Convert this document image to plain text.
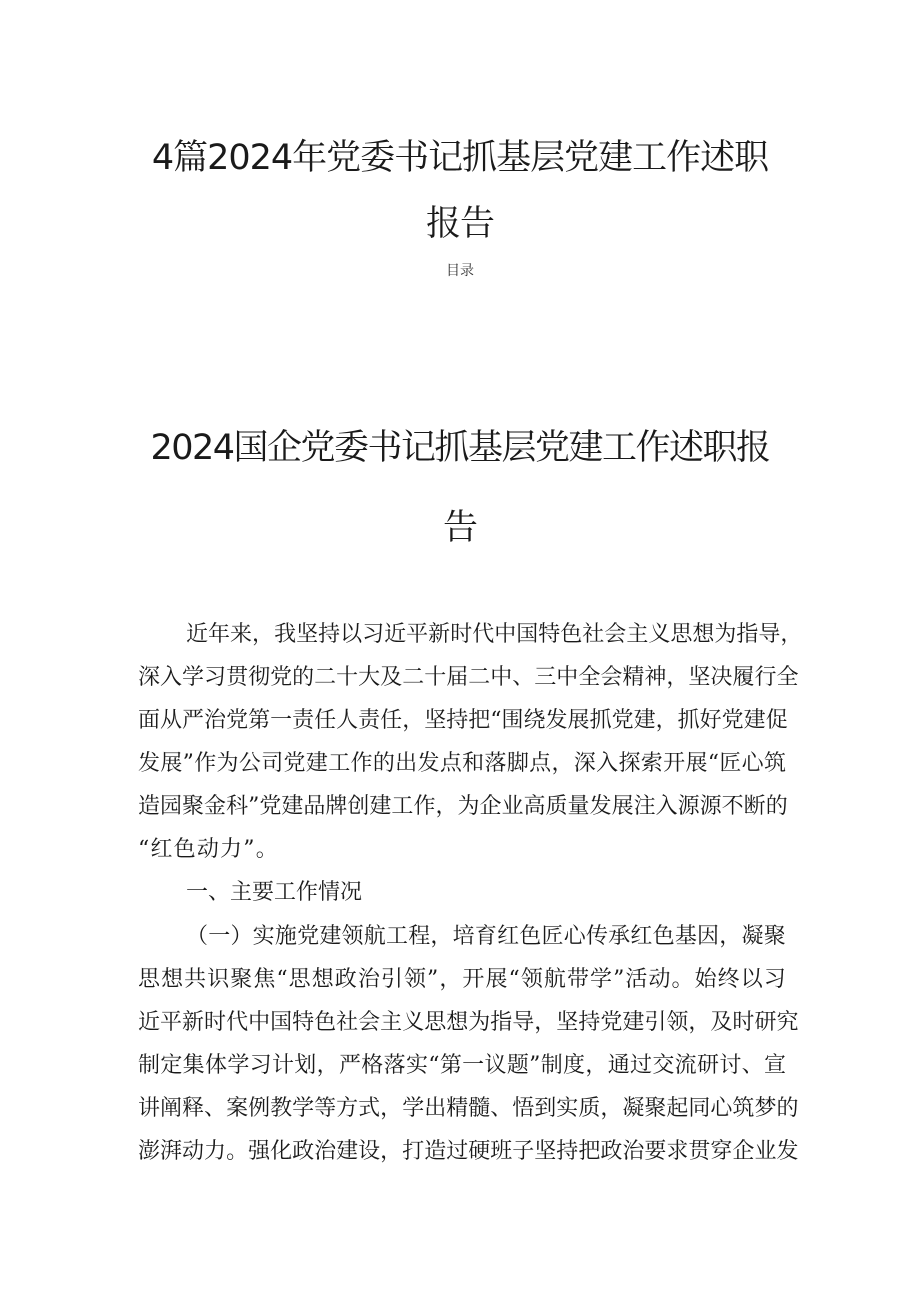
4篇2024年党委书记抓基层党建工作述职
报告
目录
2024国企党委书记抓基层党建工作述职报
告
近 年 来 ， 我 坚 持 以 习 近 平 新 时 代 中 国 特 色 社 会 主 义 思 想 为 指 导 ，
深 入 学 习 贯 彻 党 的 二 十 大 及 二 十 届 二 中 、 三 中 全 会 精 神 ， 坚 决 履 行 全
面 从 严 治 党 第 一 责 任 人 责 任 ， 坚 持 把 “ 围 绕 发 展 抓 党 建 ， 抓 好 党 建 促
发 展 ” 作 为 公 司 党 建 工 作 的 出 发 点 和 落 脚 点 ， 深 入 探 索 开 展 “ 匠 心 筑
造 园 聚 金 科 ” 党 建 品 牌 创 建 工 作 ， 为 企 业 高 质 量 发 展 注 入 源 源 不 断 的
“红色动力”。
一、主要工作情况
（ 一 ） 实 施 党 建 领 航 工 程 ， 培 育 红 色 匠 心 传 承 红 色 基 因 ， 凝 聚
思 想 共 识 聚 焦 “ 思 想 政 治 引 领 ” ， 开 展 “ 领 航 带 学 ” 活 动 。 始 终 以 习
近 平 新 时 代 中 国 特 色 社 会 主 义 思 想 为 指 导 ， 坚 持 党 建 引 领 ， 及 时 研 究
制 定 集 体 学 习 计 划 ， 严 格 落 实 “ 第 一 议 题 ” 制 度 ， 通 过 交 流 研 讨 、 宣
讲 阐 释 、 案 例 教 学 等 方 式 ， 学 出 精 髓 、 悟 到 实 质 ， 凝 聚 起 同 心 筑 梦 的
澎 湃 动 力 。 强 化 政 治 建 设 ， 打 造 过 硬 班 子 坚 持 把 政 治 要 求 贯 穿 企 业 发
